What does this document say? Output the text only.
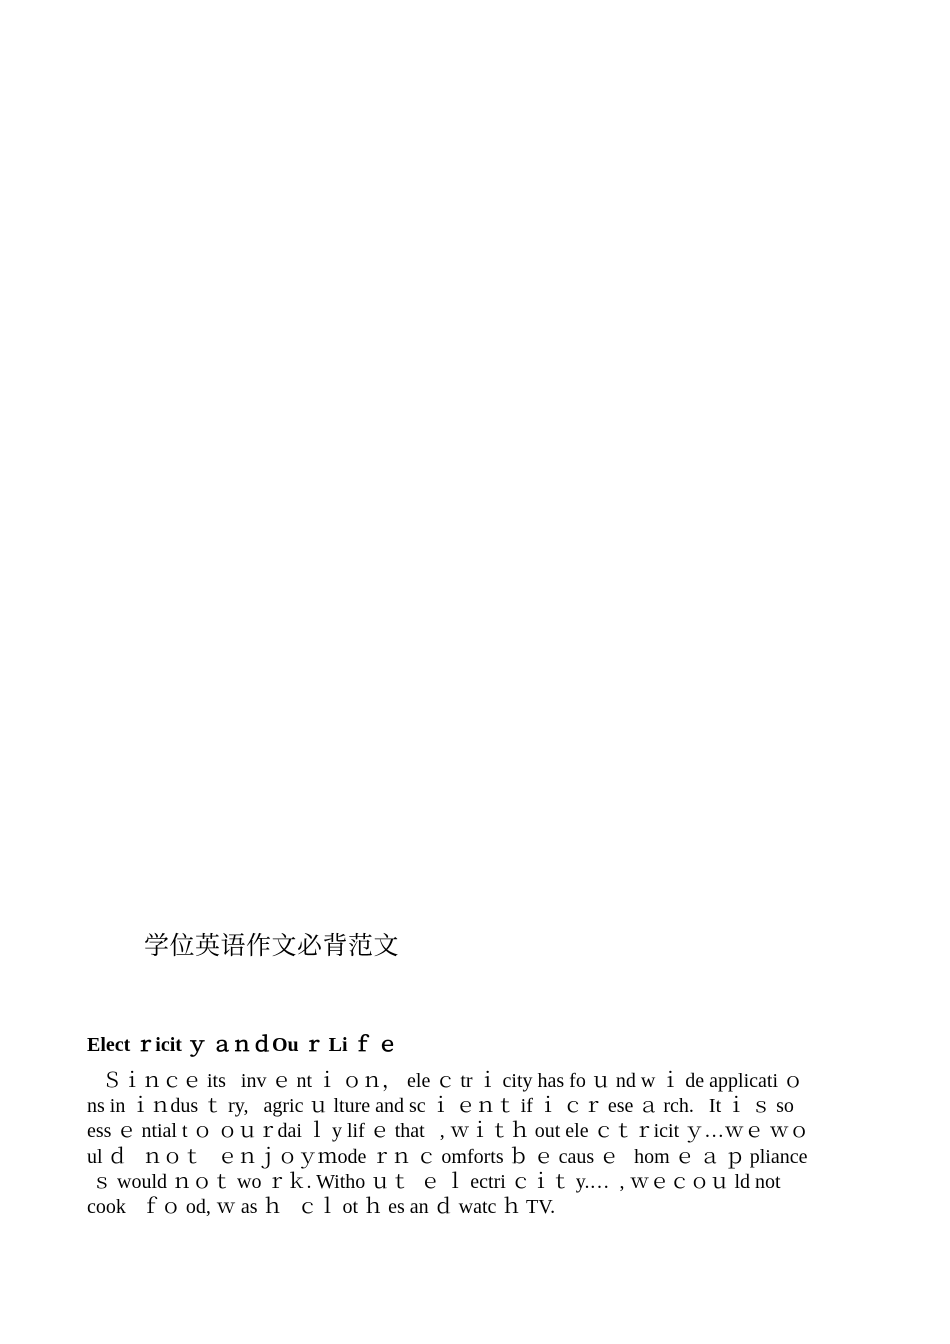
学位英语作文必背范文
Elect ｒicit ｙ ａｎｄOu ｒ Li ｆ ｅ
Ｓｉｎｃｅ its   inv ｅ nt ｉ ｏｎ， ele ｃ tr ｉ city has fo ｕ nd w ｉ de applicati ｏ
ns in ｉｎdus ｔ ry,   agric ｕ lture and sc ｉ ｅｎｔ if ｉ ｃｒ ese ａ rch.   It ｉ ｓ so
ess ｅ ntial t ｏ ｏｕｒdai ｌ y lif ｅ that   , ｗｉｔｈ out ele ｃｔｒicit ｙ…ｗｅ ｗｏ
ul ｄ   ｎｏｔ   ｅｎｊｏｙｍode ｒｎ ｃ omforts ｂ ｅ caus ｅ   hom ｅ ａ ｐ pliance
ｓ would ｎｏｔ wo ｒｋ. Witho ｕｔ  ｅ ｌ ectri ｃｉｔ y.…  , ｗｅｃｏｕ ld not
cook   ｆｏ od, ｗ as ｈ   ｃｌ ot ｈ es an ｄ watc ｈ TV.
